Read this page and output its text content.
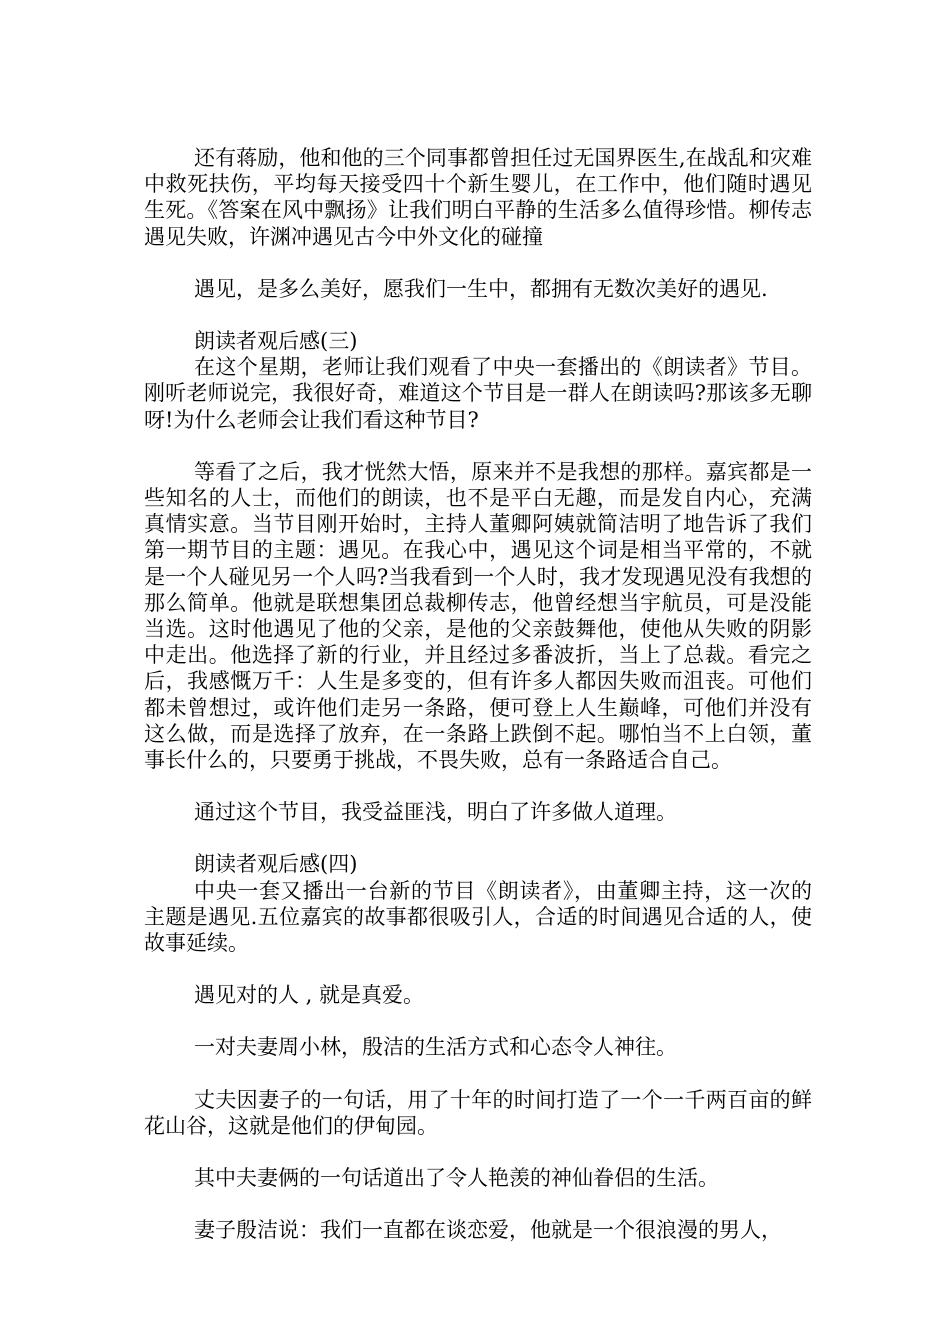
还有蒋励，他和他的三个同事都曾担任过无国界医生,在战乱和灾难中救死扶伤，平均每天接受四十个新生婴儿，在工作中，他们随时遇见生死。《答案在风中飘扬》让我们明白平静的生活多么值得珍惜。柳传志遇见失败，许渊冲遇见古今中外文化的碰撞

遇见，是多么美好，愿我们一生中，都拥有无数次美好的遇见.

朗读者观后感(三)

在这个星期，老师让我们观看了中央一套播出的《朗读者》节目。刚听老师说完，我很好奇，难道这个节目是一群人在朗读吗?那该多无聊呀!为什么老师会让我们看这种节目?

等看了之后，我才恍然大悟，原来并不是我想的那样。嘉宾都是一些知名的人士，而他们的朗读，也不是平白无趣，而是发自内心，充满真情实意。当节目刚开始时，主持人董卿阿姨就简洁明了地告诉了我们第一期节目的主题：遇见。在我心中，遇见这个词是相当平常的，不就是一个人碰见另一个人吗?当我看到一个人时，我才发现遇见没有我想的那么简单。他就是联想集团总裁柳传志，他曾经想当宇航员，可是没能当选。这时他遇见了他的父亲，是他的父亲鼓舞他，使他从失败的阴影中走出。他选择了新的行业，并且经过多番波折，当上了总裁。看完之后，我感慨万千：人生是多变的，但有许多人都因失败而沮丧。可他们都未曾想过，或许他们走另一条路，便可登上人生巅峰，可他们并没有这么做，而是选择了放弃，在一条路上跌倒不起。哪怕当不上白领，董事长什么的，只要勇于挑战，不畏失败，总有一条路适合自己。

通过这个节目，我受益匪浅，明白了许多做人道理。

朗读者观后感(四)

中央一套又播出一台新的节目《朗读者》，由董卿主持，这一次的主题是遇见.五位嘉宾的故事都很吸引人，合适的时间遇见合适的人，使故事延续。

遇见对的人 , 就是真爱。

一对夫妻周小林，殷洁的生活方式和心态令人神往。

丈夫因妻子的一句话，用了十年的时间打造了一个一千两百亩的鲜花山谷，这就是他们的伊甸园。

其中夫妻俩的一句话道出了令人艳羡的神仙眷侣的生活。

妻子殷洁说：我们一直都在谈恋爱，他就是一个很浪漫的男人，
